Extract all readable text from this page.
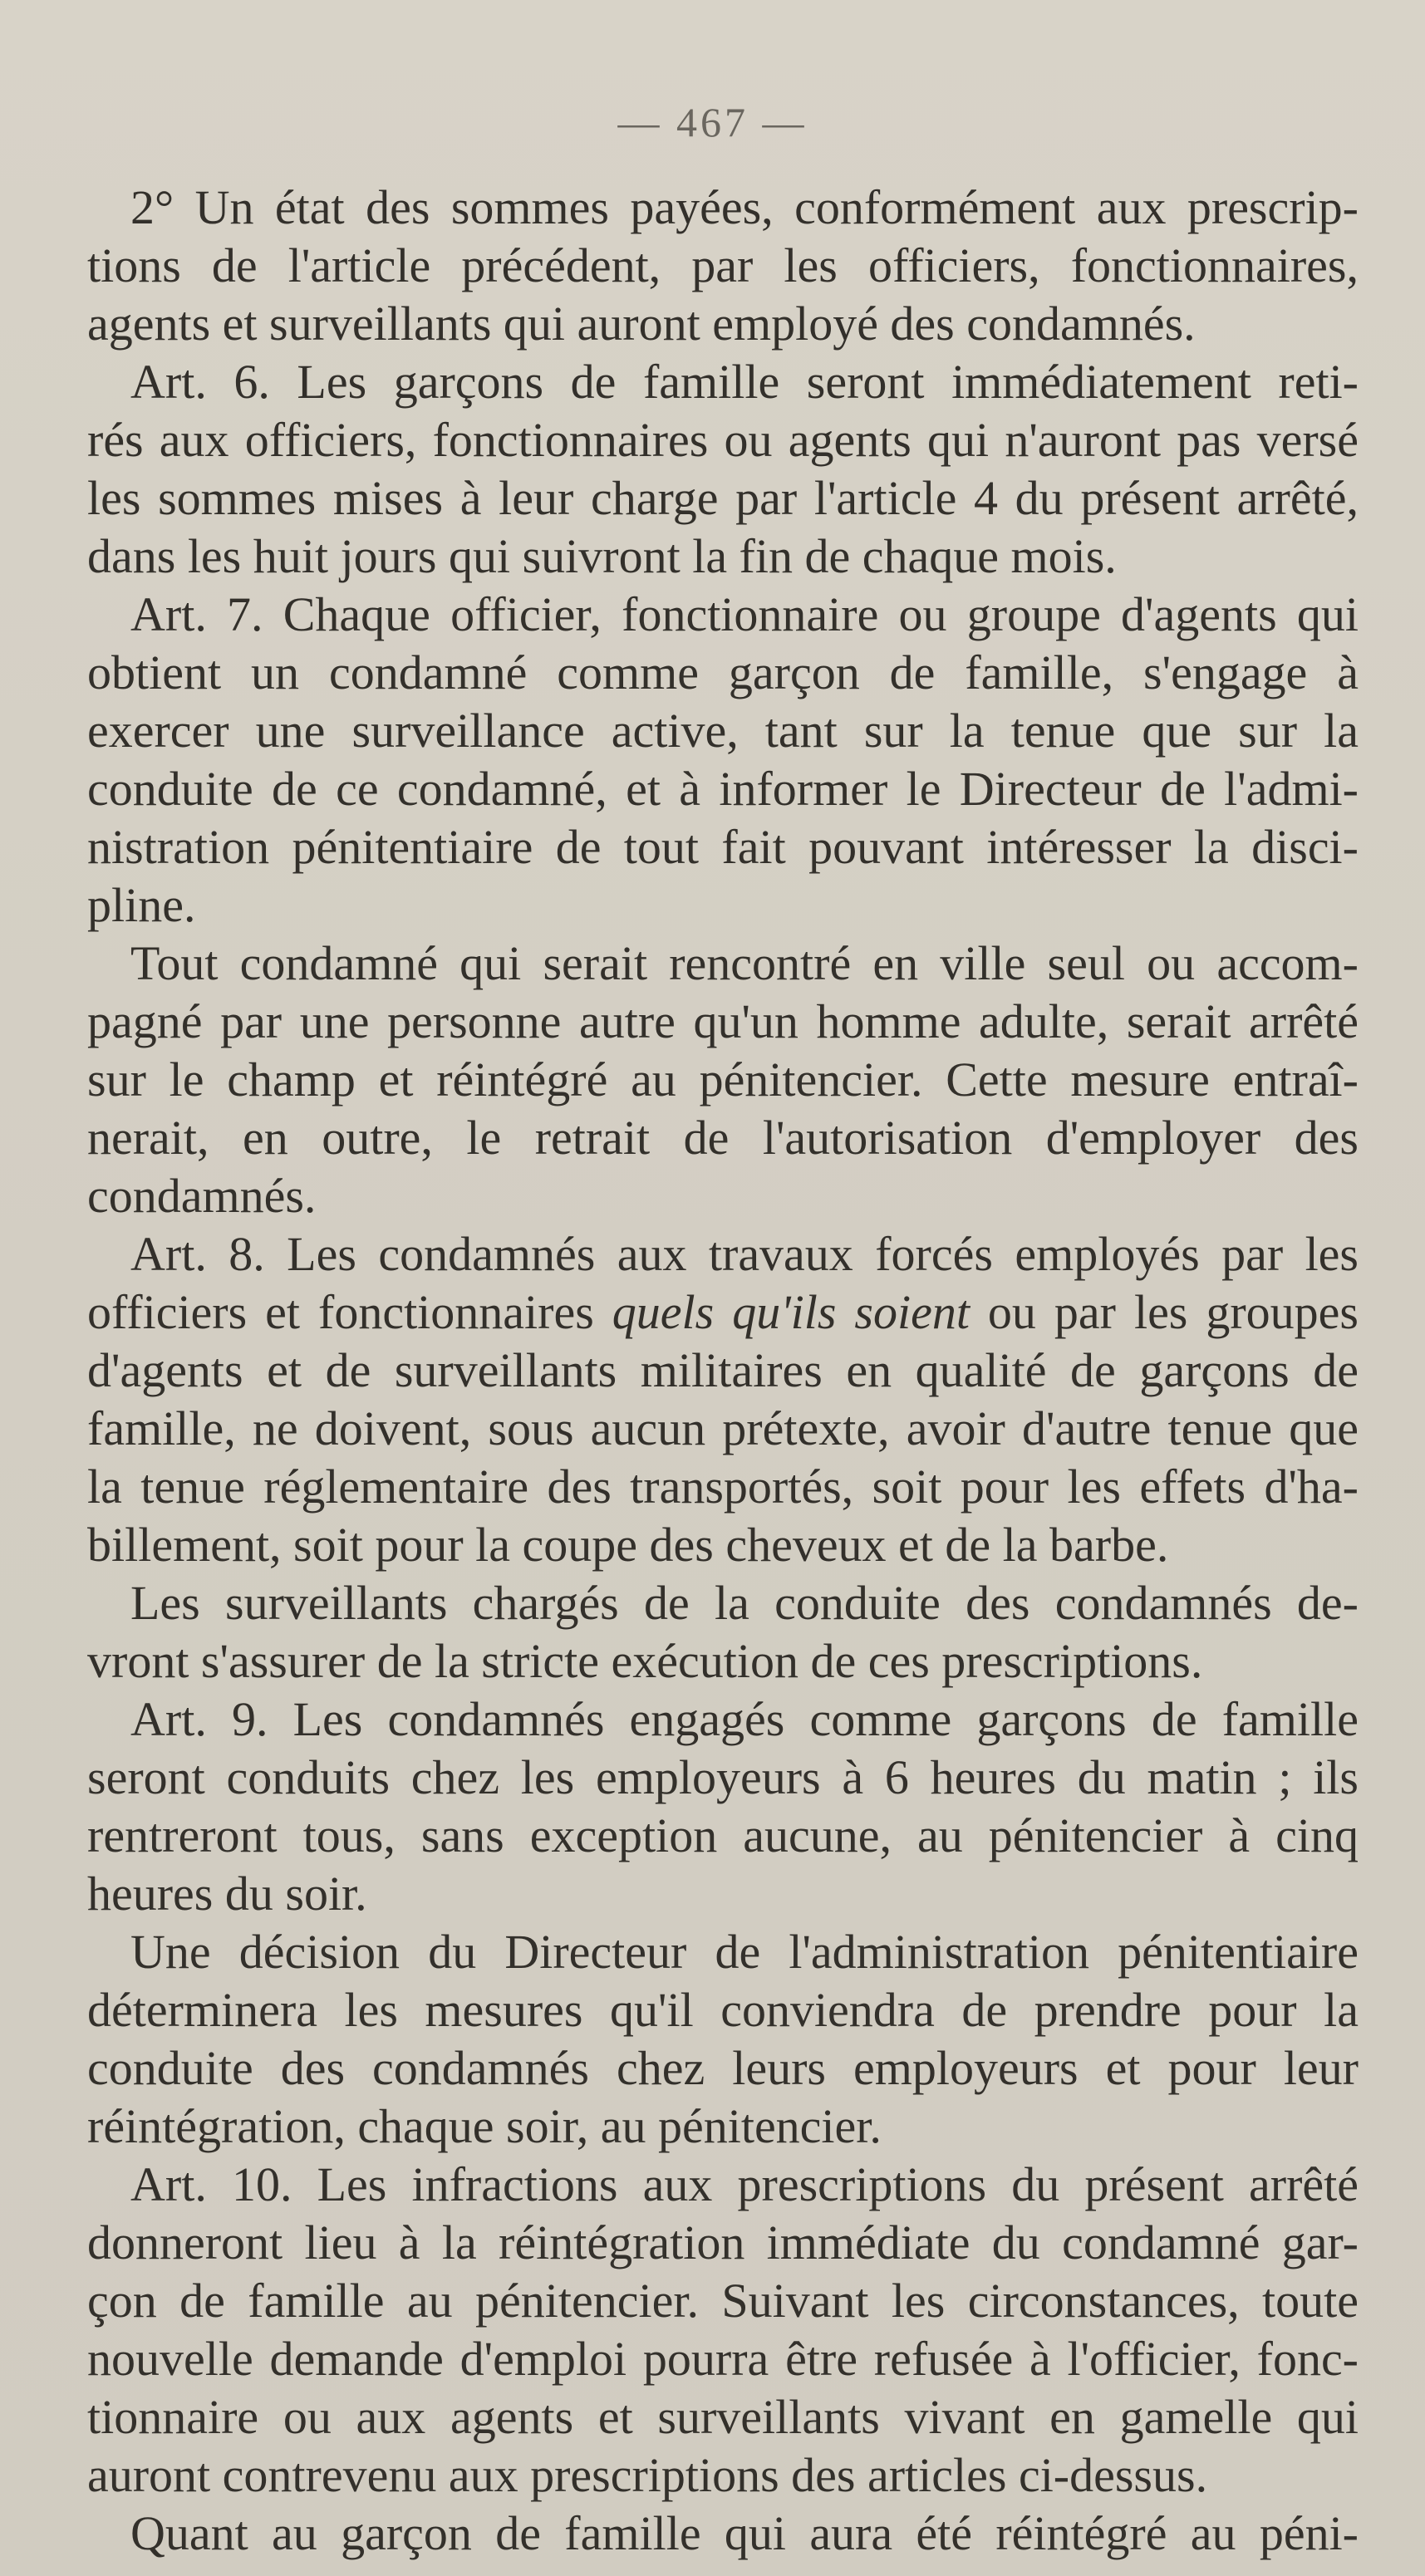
— 467 —
2° Un état des sommes payées, conformément aux prescrip-
tions de l'article précédent, par les officiers, fonctionnaires,
agents et surveillants qui auront employé des condamnés.
Art. 6. Les garçons de famille seront immédiatement reti-
rés aux officiers, fonctionnaires ou agents qui n'auront pas versé
les sommes mises à leur charge par l'article 4 du présent arrêté,
dans les huit jours qui suivront la fin de chaque mois.
Art. 7. Chaque officier, fonctionnaire ou groupe d'agents qui
obtient un condamné comme garçon de famille, s'engage à
exercer une surveillance active, tant sur la tenue que sur la
conduite de ce condamné, et à informer le Directeur de l'admi-
nistration pénitentiaire de tout fait pouvant intéresser la disci-
pline.
Tout condamné qui serait rencontré en ville seul ou accom-
pagné par une personne autre qu'un homme adulte, serait arrêté
sur le champ et réintégré au pénitencier. Cette mesure entraî-
nerait, en outre, le retrait de l'autorisation d'employer des
condamnés.
Art. 8. Les condamnés aux travaux forcés employés par les
officiers et fonctionnaires quels qu'ils soient ou par les groupes
d'agents et de surveillants militaires en qualité de garçons de
famille, ne doivent, sous aucun prétexte, avoir d'autre tenue que
la tenue réglementaire des transportés, soit pour les effets d'ha-
billement, soit pour la coupe des cheveux et de la barbe.
Les surveillants chargés de la conduite des condamnés de-
vront s'assurer de la stricte exécution de ces prescriptions.
Art. 9. Les condamnés engagés comme garçons de famille
seront conduits chez les employeurs à 6 heures du matin ; ils
rentreront tous, sans exception aucune, au pénitencier à cinq
heures du soir.
Une décision du Directeur de l'administration pénitentiaire
déterminera les mesures qu'il conviendra de prendre pour la
conduite des condamnés chez leurs employeurs et pour leur
réintégration, chaque soir, au pénitencier.
Art. 10. Les infractions aux prescriptions du présent arrêté
donneront lieu à la réintégration immédiate du condamné gar-
çon de famille au pénitencier. Suivant les circonstances, toute
nouvelle demande d'emploi pourra être refusée à l'officier, fonc-
tionnaire ou aux agents et surveillants vivant en gamelle qui
auront contrevenu aux prescriptions des articles ci-dessus.
Quant au garçon de famille qui aura été réintégré au péni-
